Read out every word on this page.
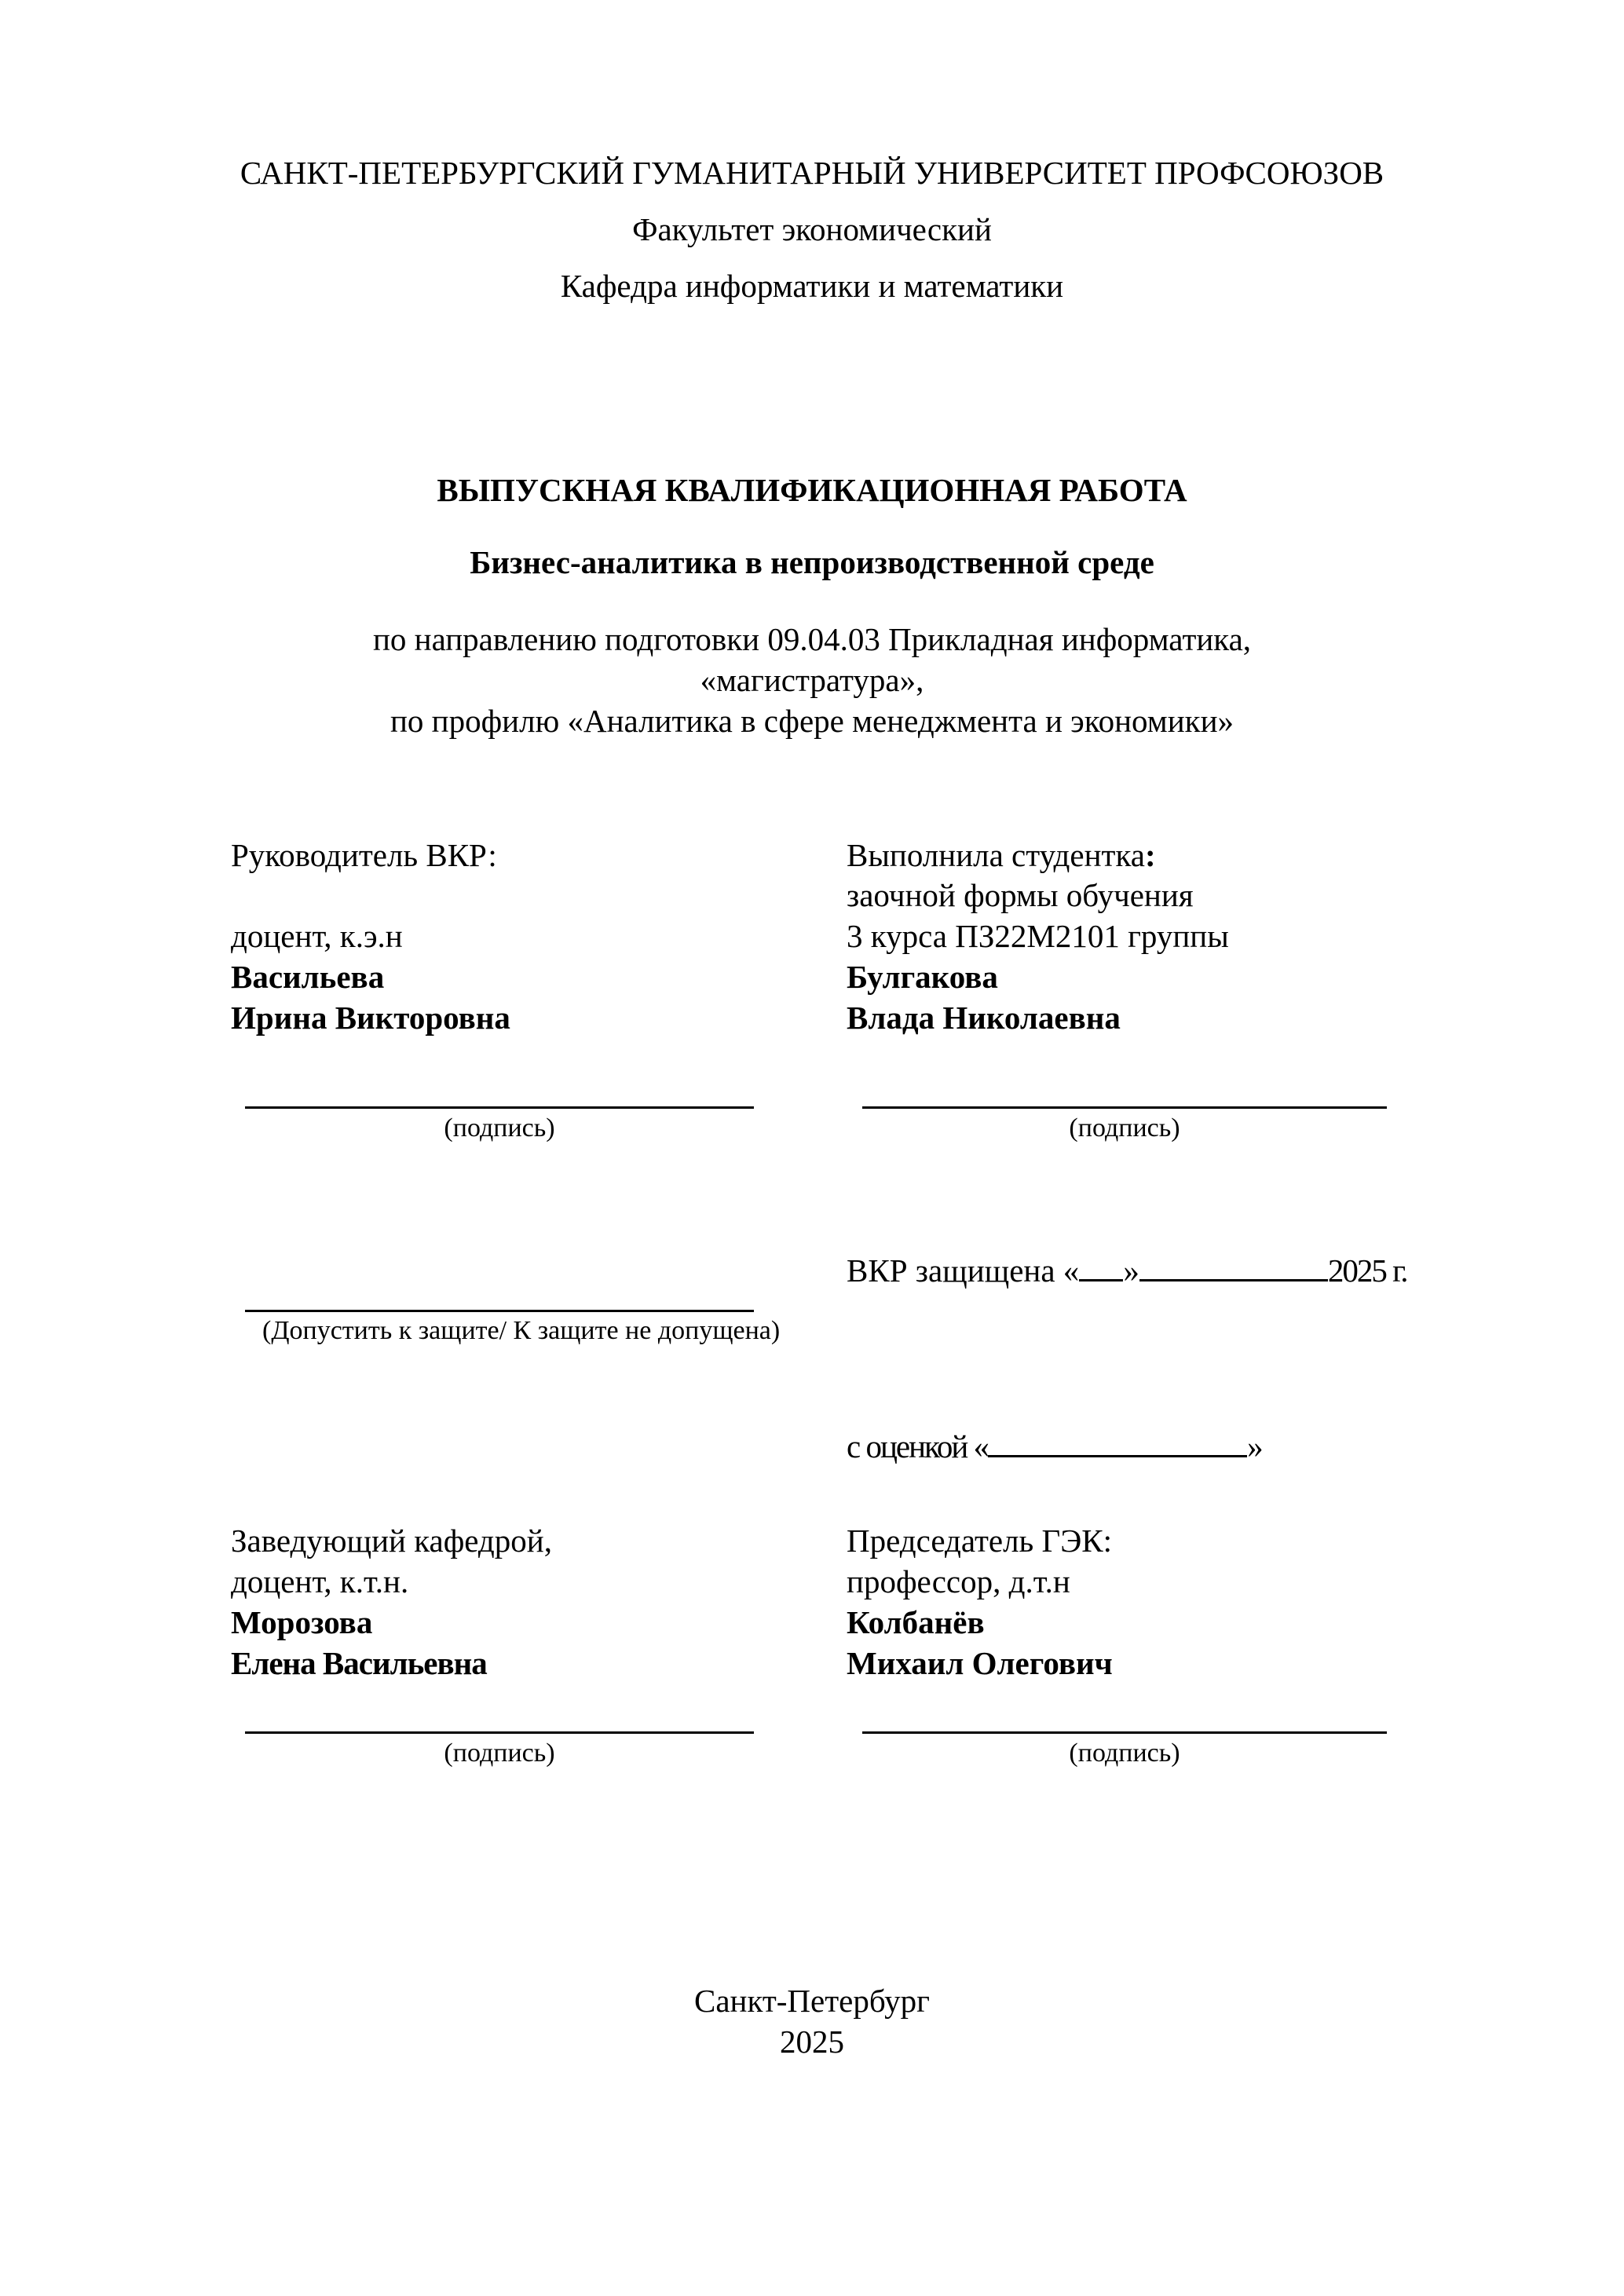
САНКТ-ПЕТЕРБУРГСКИЙ ГУМАНИТАРНЫЙ УНИВЕРСИТЕТ ПРОФСОЮЗОВ
Факультет экономический
Кафедра информатики и математики
ВЫПУСКНАЯ КВАЛИФИКАЦИОННАЯ РАБОТА
Бизнес-аналитика в непроизводственной среде
по направлению подготовки 09.04.03 Прикладная информатика,
«магистратура»,
по профилю «Аналитика в сфере менеджмента и экономики»
Руководитель ВКР:
доцент, к.э.н
Васильева
Ирина Викторовна
(подпись)
Выполнила студентка:
заочной формы обучения
3 курса ПЗ22М2101 группы
Булгакова
Влада Николаевна
(подпись)
(Допустить к защите/ К защите не допущена)
ВКР защищена « »	2025 г.
с оценкой «	»
Заведующий кафедрой,
доцент, к.т.н.
Морозова
Елена Васильевна
(подпись)
Председатель ГЭК:
профессор, д.т.н
Колбанёв
Михаил Олегович
(подпись)
Санкт-Петербург
2025
